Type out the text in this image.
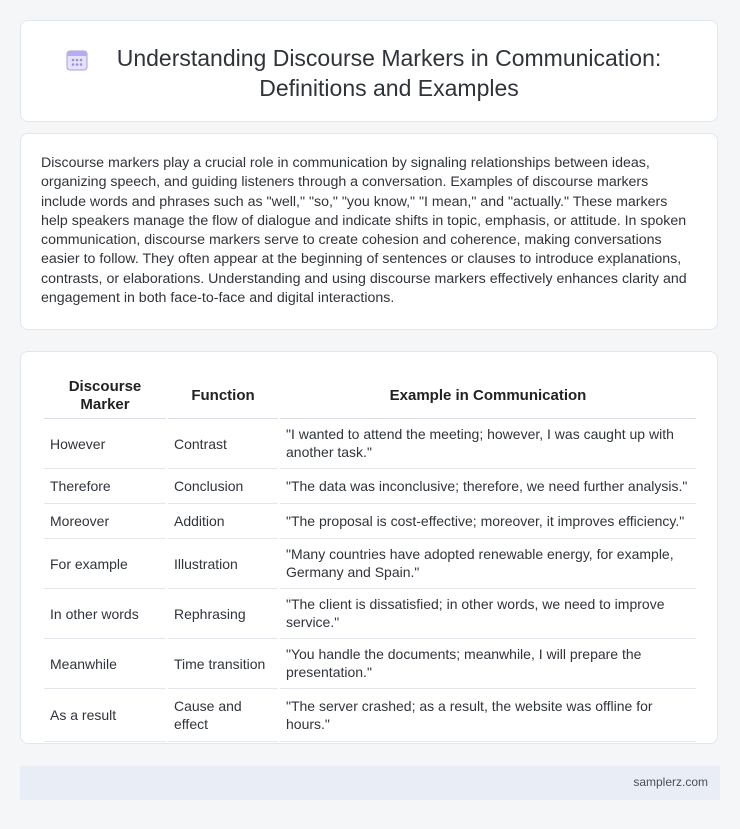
Understanding Discourse Markers in Communication: Definitions and Examples

Discourse markers play a crucial role in communication by signaling relationships between ideas, organizing speech, and guiding listeners through a conversation. Examples of discourse markers include words and phrases such as "well," "so," "you know," "I mean," and "actually." These markers help speakers manage the flow of dialogue and indicate shifts in topic, emphasis, or attitude. In spoken communication, discourse markers serve to create cohesion and coherence, making conversations easier to follow. They often appear at the beginning of sentences or clauses to introduce explanations, contrasts, or elaborations. Understanding and using discourse markers effectively enhances clarity and engagement in both face-to-face and digital interactions.

Discourse Marker	Function	Example in Communication
However	Contrast	"I wanted to attend the meeting; however, I was caught up with another task."
Therefore	Conclusion	"The data was inconclusive; therefore, we need further analysis."
Moreover	Addition	"The proposal is cost-effective; moreover, it improves efficiency."
For example	Illustration	"Many countries have adopted renewable energy, for example, Germany and Spain."
In other words	Rephrasing	"The client is dissatisfied; in other words, we need to improve service."
Meanwhile	Time transition	"You handle the documents; meanwhile, I will prepare the presentation."
As a result	Cause and effect	"The server crashed; as a result, the website was offline for hours."
samplerz.com
